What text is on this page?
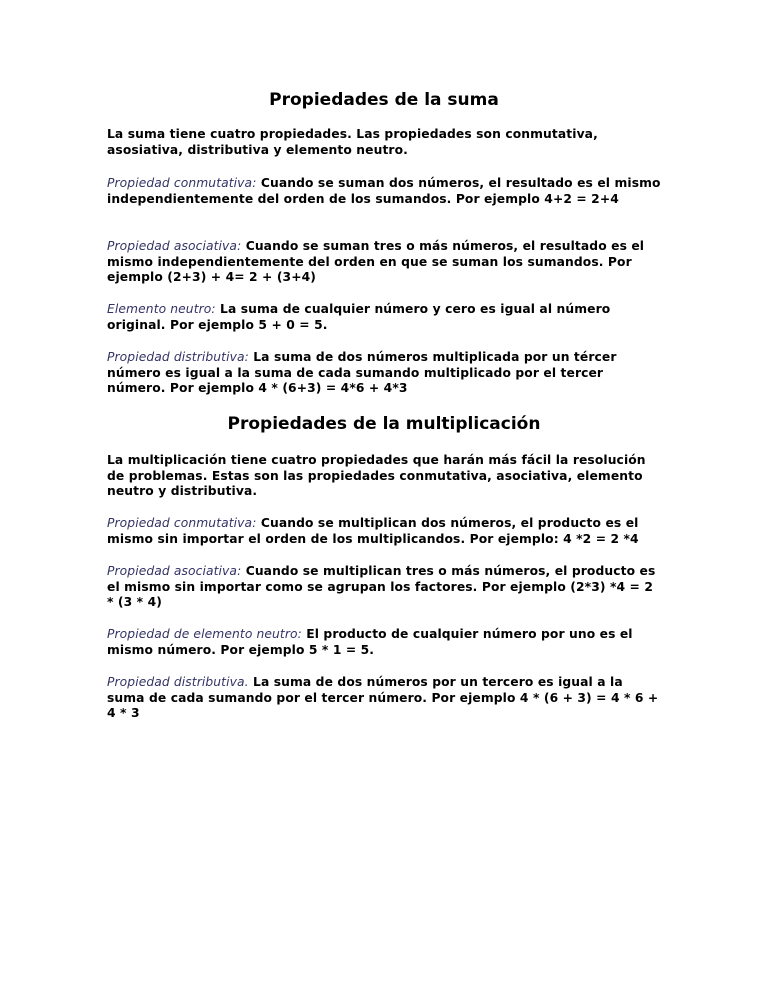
Propiedades de la suma

La suma tiene cuatro propiedades. Las propiedades son conmutativa, asosiativa, distributiva y elemento neutro.

Propiedad conmutativa: Cuando se suman dos números, el resultado es el mismo independientemente del orden de los sumandos. Por ejemplo 4+2 = 2+4

Propiedad asociativa: Cuando se suman tres o más números, el resultado es el mismo independientemente del orden en que se suman los sumandos. Por ejemplo (2+3) + 4= 2 + (3+4)

Elemento neutro: La suma de cualquier número y cero es igual al número original. Por ejemplo 5 + 0 = 5.

Propiedad distributiva: La suma de dos números multiplicada por un tércer número es igual a la suma de cada sumando multiplicado por el tercer número. Por ejemplo 4 * (6+3) = 4*6 + 4*3

Propiedades de la multiplicación

La multiplicación tiene cuatro propiedades que harán más fácil la resolución de problemas. Estas son las propiedades conmutativa, asociativa, elemento neutro y distributiva.

Propiedad conmutativa: Cuando se multiplican dos números, el producto es el mismo sin importar el orden de los multiplicandos. Por ejemplo: 4 *2 = 2 *4

Propiedad asociativa: Cuando se multiplican tres o más números, el producto es el mismo sin importar como se agrupan los factores. Por ejemplo (2*3) *4 = 2 * (3 * 4)

Propiedad de elemento neutro: El producto de cualquier número por uno es el mismo número. Por ejemplo 5 * 1 = 5.

Propiedad distributiva. La suma de dos números por un tercero es igual a la suma de cada sumando por el tercer número. Por ejemplo 4 * (6 + 3) = 4 * 6 + 4 * 3
